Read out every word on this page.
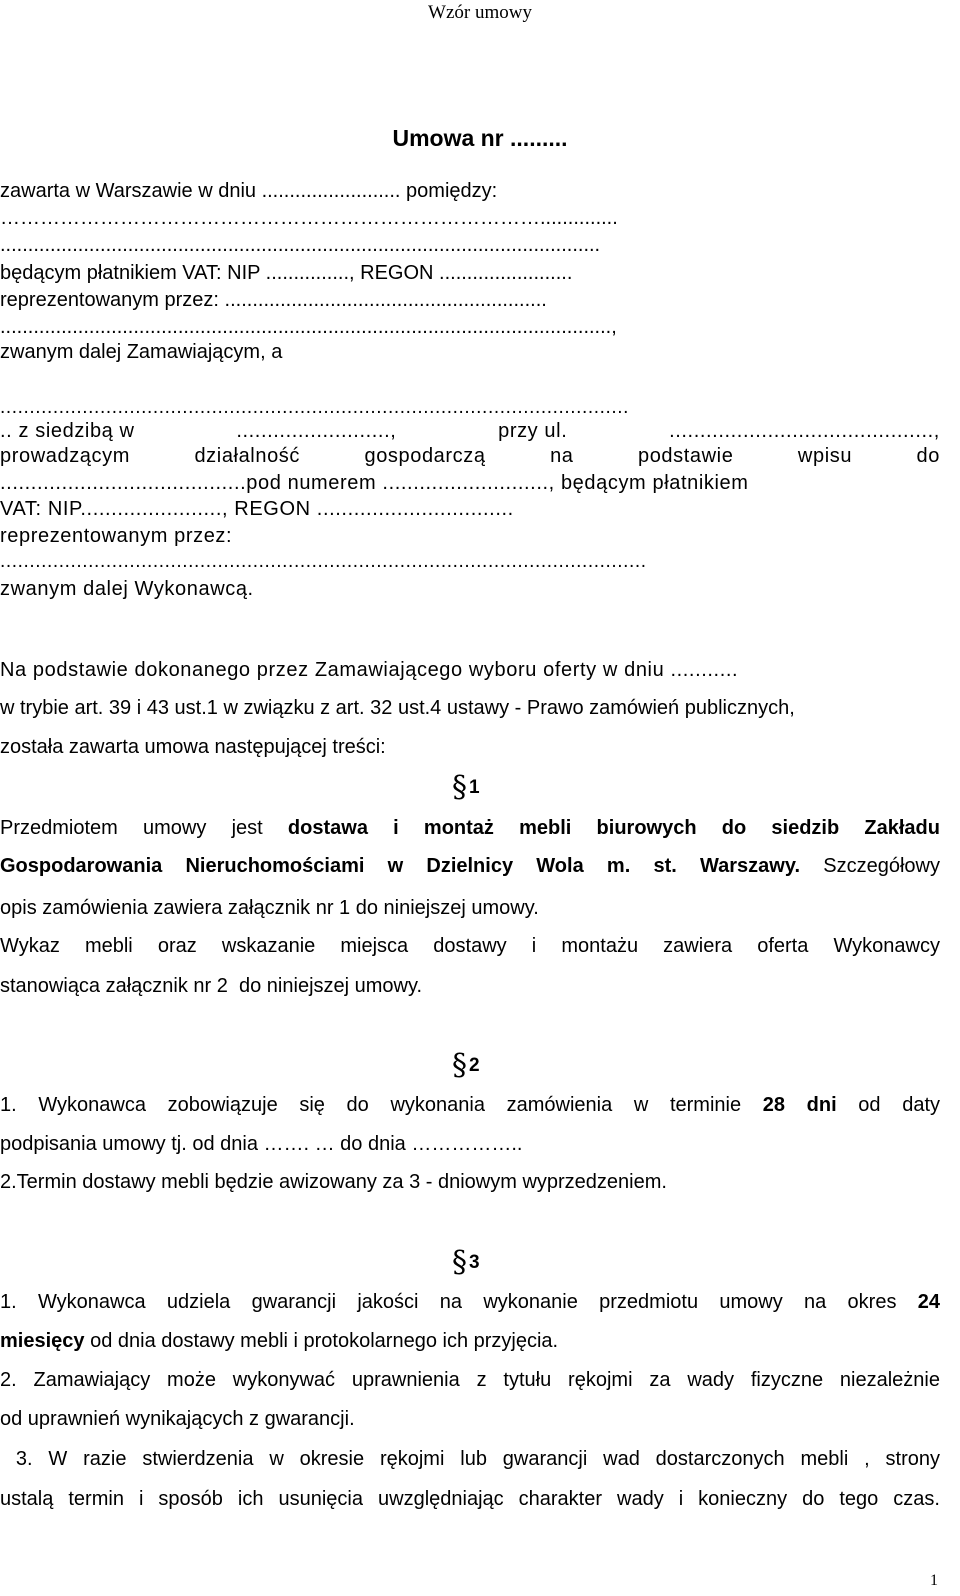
Wzór umowy
Umowa nr .........
zawarta w Warszawie w dniu ......................... pomiędzy:
………………………………………………………………………..............
............................................................................................................
będącym płatnikiem VAT: NIP ..............., REGON ........................
reprezentowanym przez: ..........................................................
..............................................................................................................,
zwanym dalej Zamawiającym, a
...........................................................................................................
.. z siedzibą w	.........................,	przy ul.	...........................................,
prowadzącym	działalność	gospodarczą	na	podstawie	wpisu	do
........................................pod numerem ..........................., będącym płatnikiem
VAT: NIP......................., REGON ................................
reprezentowanym przez:
..............................................................................................................
zwanym dalej Wykonawcą.
Na podstawie dokonanego przez Zamawiającego wyboru oferty w dniu ...........
w trybie art. 39 i 43 ust.1 w związku z art. 32 ust.4 ustawy - Prawo zamówień publicznych,
została zawarta umowa następującej treści:
§ 1
Przedmiotem umowy jest dostawa i montaż mebli biurowych do siedzib Zakładu
Gospodarowania Nieruchomościami w Dzielnicy Wola m. st. Warszawy. Szczegółowy
opis zamówienia zawiera załącznik nr 1 do niniejszej umowy.
Wykaz mebli oraz wskazanie miejsca dostawy i montażu zawiera oferta Wykonawcy
stanowiąca załącznik nr 2  do niniejszej umowy.
§ 2
1. Wykonawca zobowiązuje się do wykonania zamówienia w terminie 28 dni od daty
podpisania umowy tj. od dnia ……. … do dnia ……………..
2.Termin dostawy mebli będzie awizowany za 3 - dniowym wyprzedzeniem.
§ 3
1. Wykonawca udziela gwarancji jakości na wykonanie przedmiotu umowy na okres 24
miesięcy od dnia dostawy mebli i protokolarnego ich przyjęcia.
2. Zamawiający może wykonywać uprawnienia z tytułu rękojmi za wady fizyczne niezależnie
od uprawnień wynikających z gwarancji.
3. W razie stwierdzenia w okresie rękojmi lub gwarancji wad dostarczonych mebli , strony
ustalą termin i sposób ich usunięcia uwzględniając charakter wady i konieczny do tego czas.
1
